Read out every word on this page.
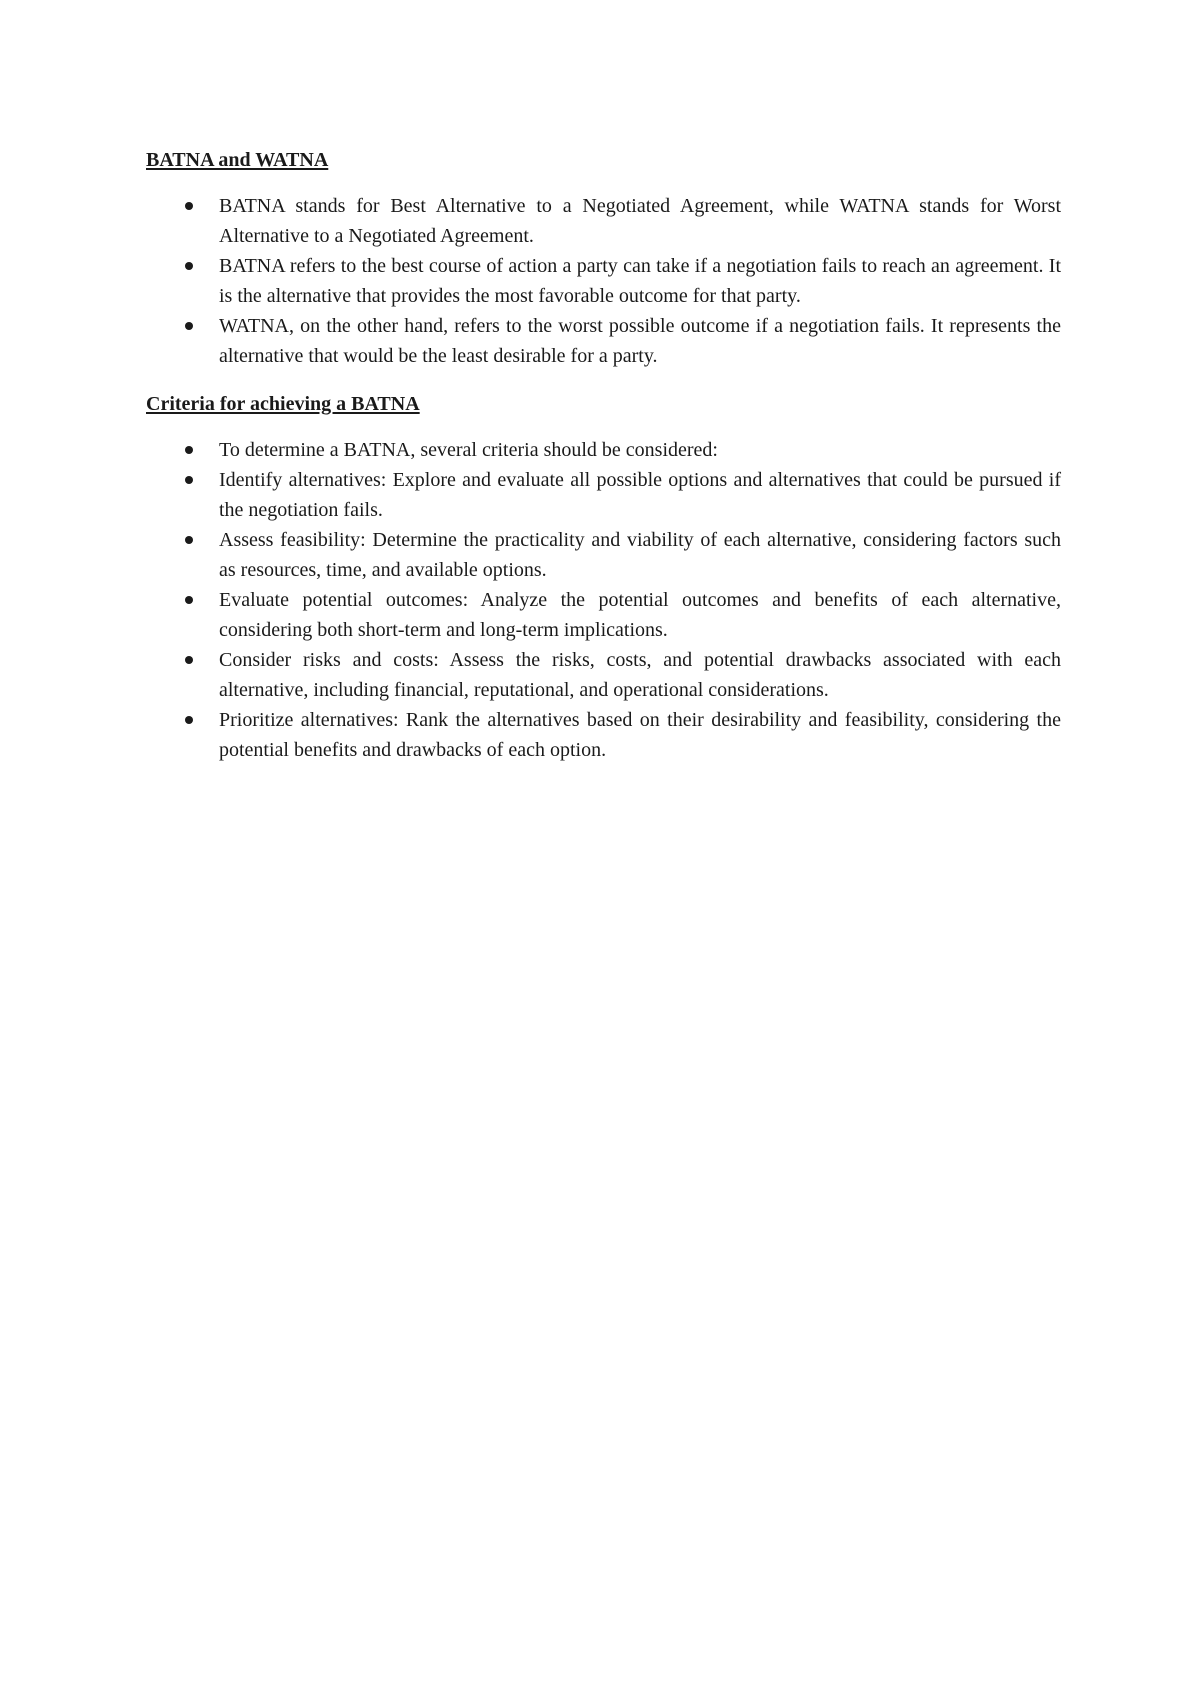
BATNA and WATNA
BATNA stands for Best Alternative to a Negotiated Agreement, while WATNA stands for Worst Alternative to a Negotiated Agreement.
BATNA refers to the best course of action a party can take if a negotiation fails to reach an agreement. It is the alternative that provides the most favorable outcome for that party.
WATNA, on the other hand, refers to the worst possible outcome if a negotiation fails. It represents the alternative that would be the least desirable for a party.
Criteria for achieving a BATNA
To determine a BATNA, several criteria should be considered:
Identify alternatives: Explore and evaluate all possible options and alternatives that could be pursued if the negotiation fails.
Assess feasibility: Determine the practicality and viability of each alternative, considering factors such as resources, time, and available options.
Evaluate potential outcomes: Analyze the potential outcomes and benefits of each alternative, considering both short-term and long-term implications.
Consider risks and costs: Assess the risks, costs, and potential drawbacks associated with each alternative, including financial, reputational, and operational considerations.
Prioritize alternatives: Rank the alternatives based on their desirability and feasibility, considering the potential benefits and drawbacks of each option.
